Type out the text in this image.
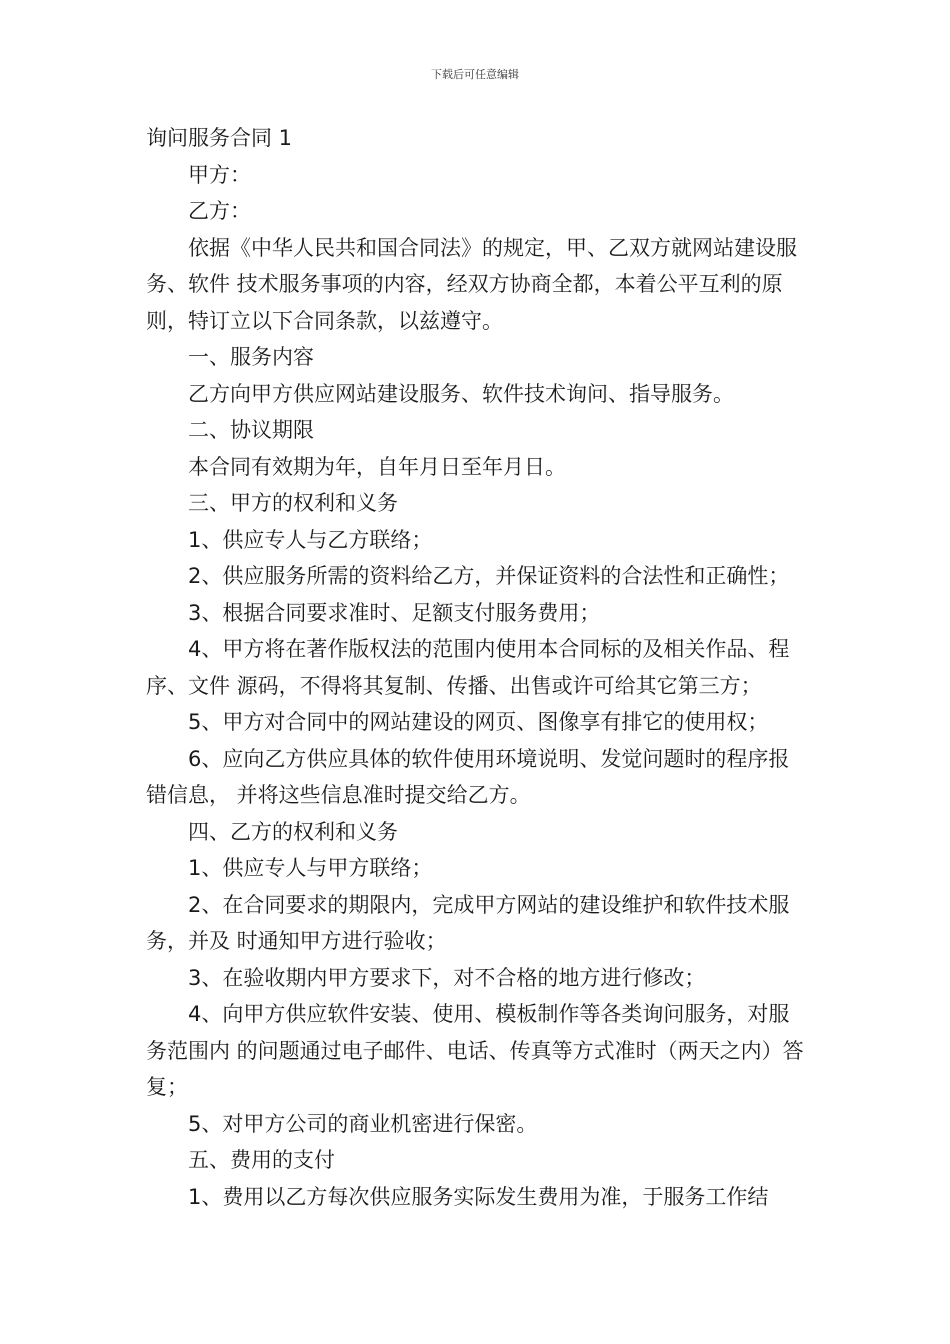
下载后可任意编辑

询问服务合同 1

甲方：

乙方：

依据《中华人民共和国合同法》的规定，甲、乙双方就网站建设服务、软件 技术服务事项的内容，经双方协商全都，本着公平互利的原则，特订立以下合同条款，以兹遵守。

一、服务内容

乙方向甲方供应网站建设服务、软件技术询问、指导服务。

二、协议期限

本合同有效期为年，自年月日至年月日。

三、甲方的权利和义务

1、供应专人与乙方联络；

2、供应服务所需的资料给乙方，并保证资料的合法性和正确性；

3、根据合同要求准时、足额支付服务费用；

4、甲方将在著作版权法的范围内使用本合同标的及相关作品、程序、文件 源码，不得将其复制、传播、出售或许可给其它第三方；

5、甲方对合同中的网站建设的网页、图像享有排它的使用权；

6、应向乙方供应具体的软件使用环境说明、发觉问题时的程序报错信息， 并将这些信息准时提交给乙方。

四、乙方的权利和义务

1、供应专人与甲方联络；

2、在合同要求的期限内，完成甲方网站的建设维护和软件技术服务，并及 时通知甲方进行验收；

3、在验收期内甲方要求下，对不合格的地方进行修改；

4、向甲方供应软件安装、使用、模板制作等各类询问服务，对服务范围内 的问题通过电子邮件、电话、传真等方式准时（两天之内）答复；

5、对甲方公司的商业机密进行保密。

五、费用的支付

1、费用以乙方每次供应服务实际发生费用为准，于服务工作结
